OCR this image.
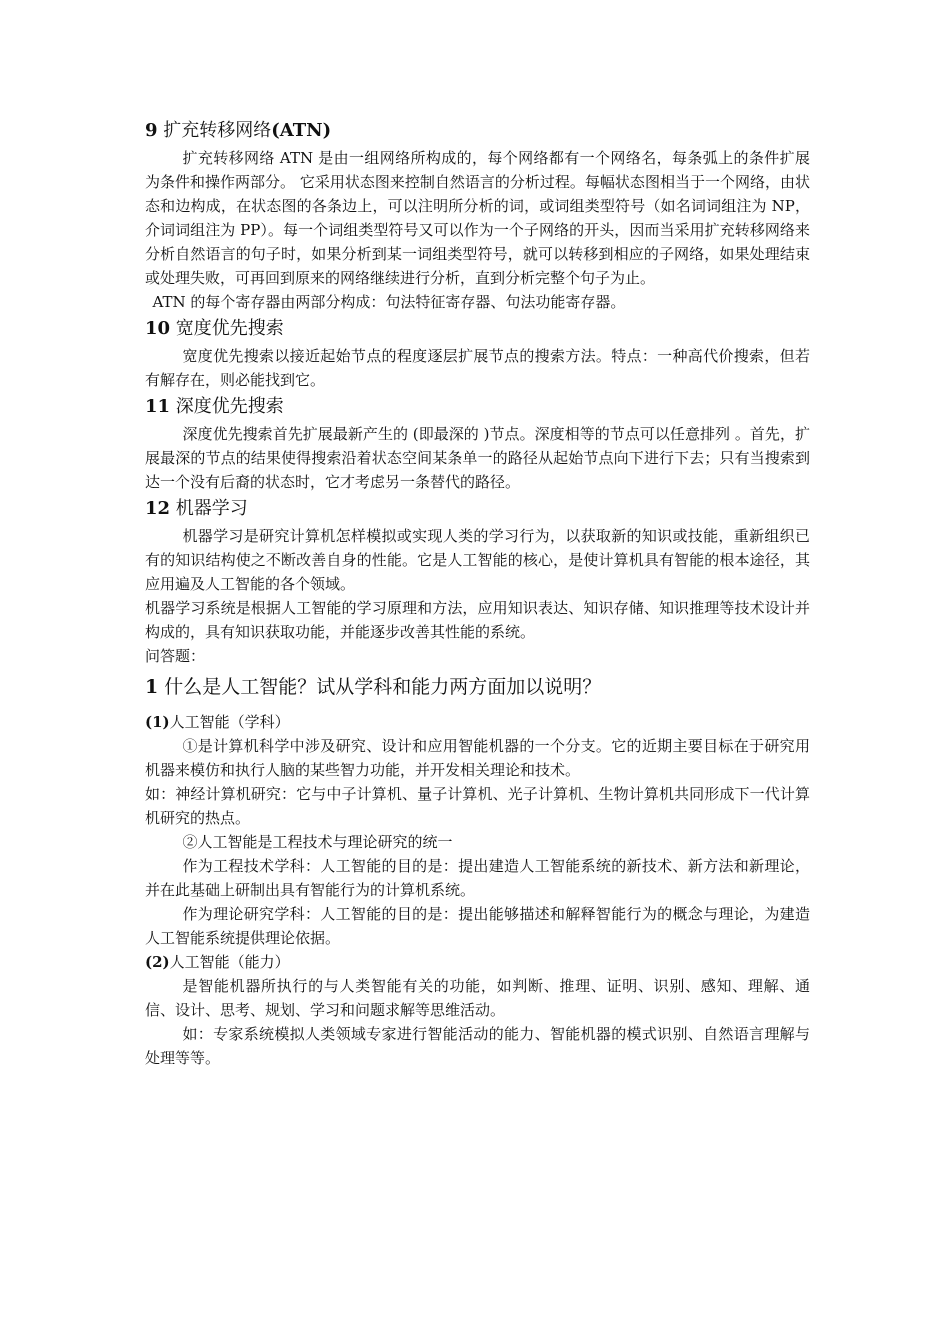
9 扩充转移网络(ATN)

扩充转移网络 ATN 是由一组网络所构成的，每个网络都有一个网络名，每条弧上的条件扩展为条件和操作两部分。 它采用状态图来控制自然语言的分析过程。每幅状态图相当于一个网络，由状态和边构成，在状态图的各条边上，可以注明所分析的词，或词组类型符号（如名词词组注为 NP，介词词组注为 PP）。每一个词组类型符号又可以作为一个子网络的开头，因而当采用扩充转移网络来分析自然语言的句子时，如果分析到某一词组类型符号，就可以转移到相应的子网络，如果处理结束或处理失败，可再回到原来的网络继续进行分析，直到分析完整个句子为止。

ATN 的每个寄存器由两部分构成：句法特征寄存器、句法功能寄存器。

10 宽度优先搜索

宽度优先搜索以接近起始节点的程度逐层扩展节点的搜索方法。特点：一种高代价搜索，但若有解存在，则必能找到它。

11 深度优先搜索

深度优先搜索首先扩展最新产生的 (即最深的 )节点。深度相等的节点可以任意排列 。首先，扩展最深的节点的结果使得搜索沿着状态空间某条单一的路径从起始节点向下进行下去；只有当搜索到达一个没有后裔的状态时，它才考虑另一条替代的路径。

12 机器学习

机器学习是研究计算机怎样模拟或实现人类的学习行为，以获取新的知识或技能，重新组织已有的知识结构使之不断改善自身的性能。它是人工智能的核心，是使计算机具有智能的根本途径，其应用遍及人工智能的各个领域。

机器学习系统是根据人工智能的学习原理和方法，应用知识表达、知识存储、知识推理等技术设计并构成的，具有知识获取功能，并能逐步改善其性能的系统。

问答题：

1 什么是人工智能？试从学科和能力两方面加以说明？
(1)人工智能（学科）

①是计算机科学中涉及研究、设计和应用智能机器的一个分支。它的近期主要目标在于研究用机器来模仿和执行人脑的某些智力功能，并开发相关理论和技术。

如：神经计算机研究：它与中子计算机、量子计算机、光子计算机、生物计算机共同形成下一代计算机研究的热点。

②人工智能是工程技术与理论研究的统一

作为工程技术学科：人工智能的目的是：提出建造人工智能系统的新技术、新方法和新理论，并在此基础上研制出具有智能行为的计算机系统。

作为理论研究学科：人工智能的目的是：提出能够描述和解释智能行为的概念与理论，为建造人工智能系统提供理论依据。

(2)人工智能（能力）

是智能机器所执行的与人类智能有关的功能，如判断、推理、证明、识别、感知、理解、通信、设计、思考、规划、学习和问题求解等思维活动。

如：专家系统模拟人类领域专家进行智能活动的能力、智能机器的模式识别、自然语言理解与处理等等。
